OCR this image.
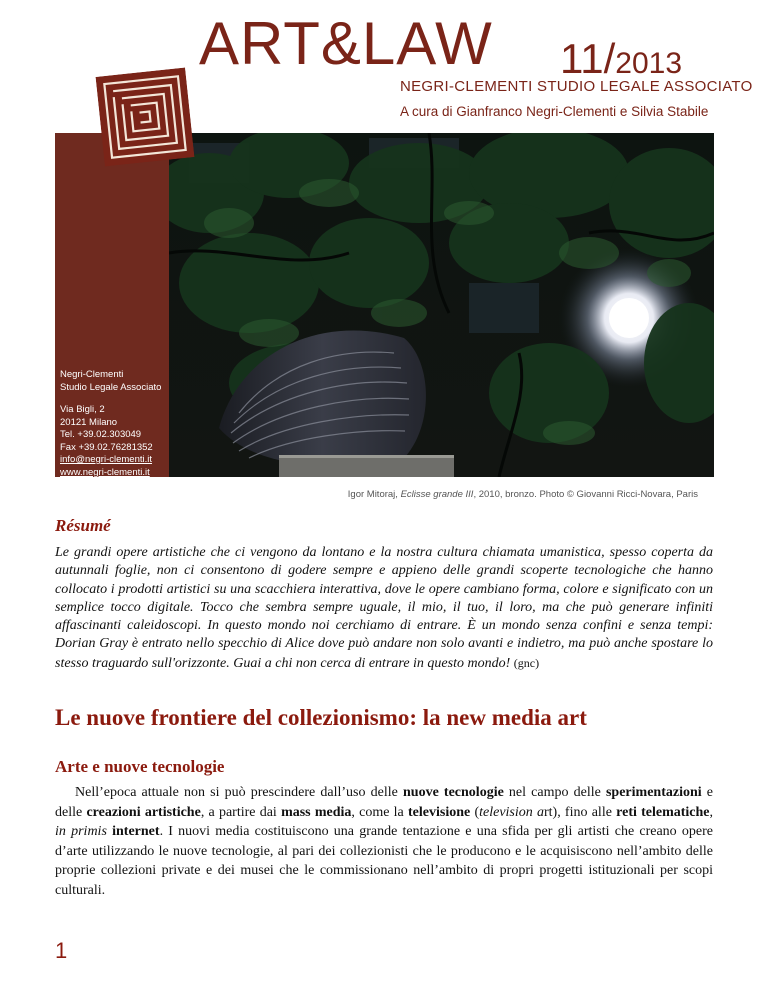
ART&LAW 11/2013
NEGRI-CLEMENTI STUDIO LEGALE ASSOCIATO
A cura di Gianfranco Negri-Clementi e Silvia Stabile

Negri-Clementi

Studio Legale Associato

Via Bigli, 2

20121 Milano

Tel. +39.02.303049

Fax +39.02.76281352

info@negri-clementi.it

www.negri-clementi.it

Igor Mitoraj, Eclisse grande III, 2010, bronzo. Photo © Giovanni Ricci-Novara, Paris
Résumé
Le grandi opere artistiche che ci vengono da lontano e la nostra cultura chiamata umanistica, spesso coperta da autunnali foglie, non ci consentono di godere sempre e appieno delle grandi scoperte tecnologiche che hanno collocato i prodotti artistici su una scacchiera interattiva, dove le opere cambiano forma, colore e significato con un semplice tocco digitale. Tocco che sembra sempre uguale, il mio, il tuo, il loro, ma che può generare infiniti affascinanti caleidoscopi. In questo mondo noi cerchiamo di entrare. È un mondo senza confini e senza tempi: Dorian Gray è entrato nello specchio di Alice dove può andare non solo avanti e indietro, ma può anche spostare lo stesso traguardo sull'orizzonte. Guai a chi non cerca di entrare in questo mondo! (gnc)
Le nuove frontiere del collezionismo: la new media art
Arte e nuove tecnologie
Nell’epoca attuale non si può prescindere dall’uso delle nuove tecnologie nel campo delle sperimentazioni e delle creazioni artistiche, a partire dai mass media, come la televisione (television art), fino alle reti telematiche, in primis internet. I nuovi media costituiscono una grande tentazione e una sfida per gli artisti che creano opere d’arte utilizzando le nuove tecnologie, al pari dei collezionisti che le producono e le acquisiscono nell’ambito delle proprie collezioni private e dei musei che le commissionano nell’ambito di propri progetti istituzionali per scopi culturali.
1
